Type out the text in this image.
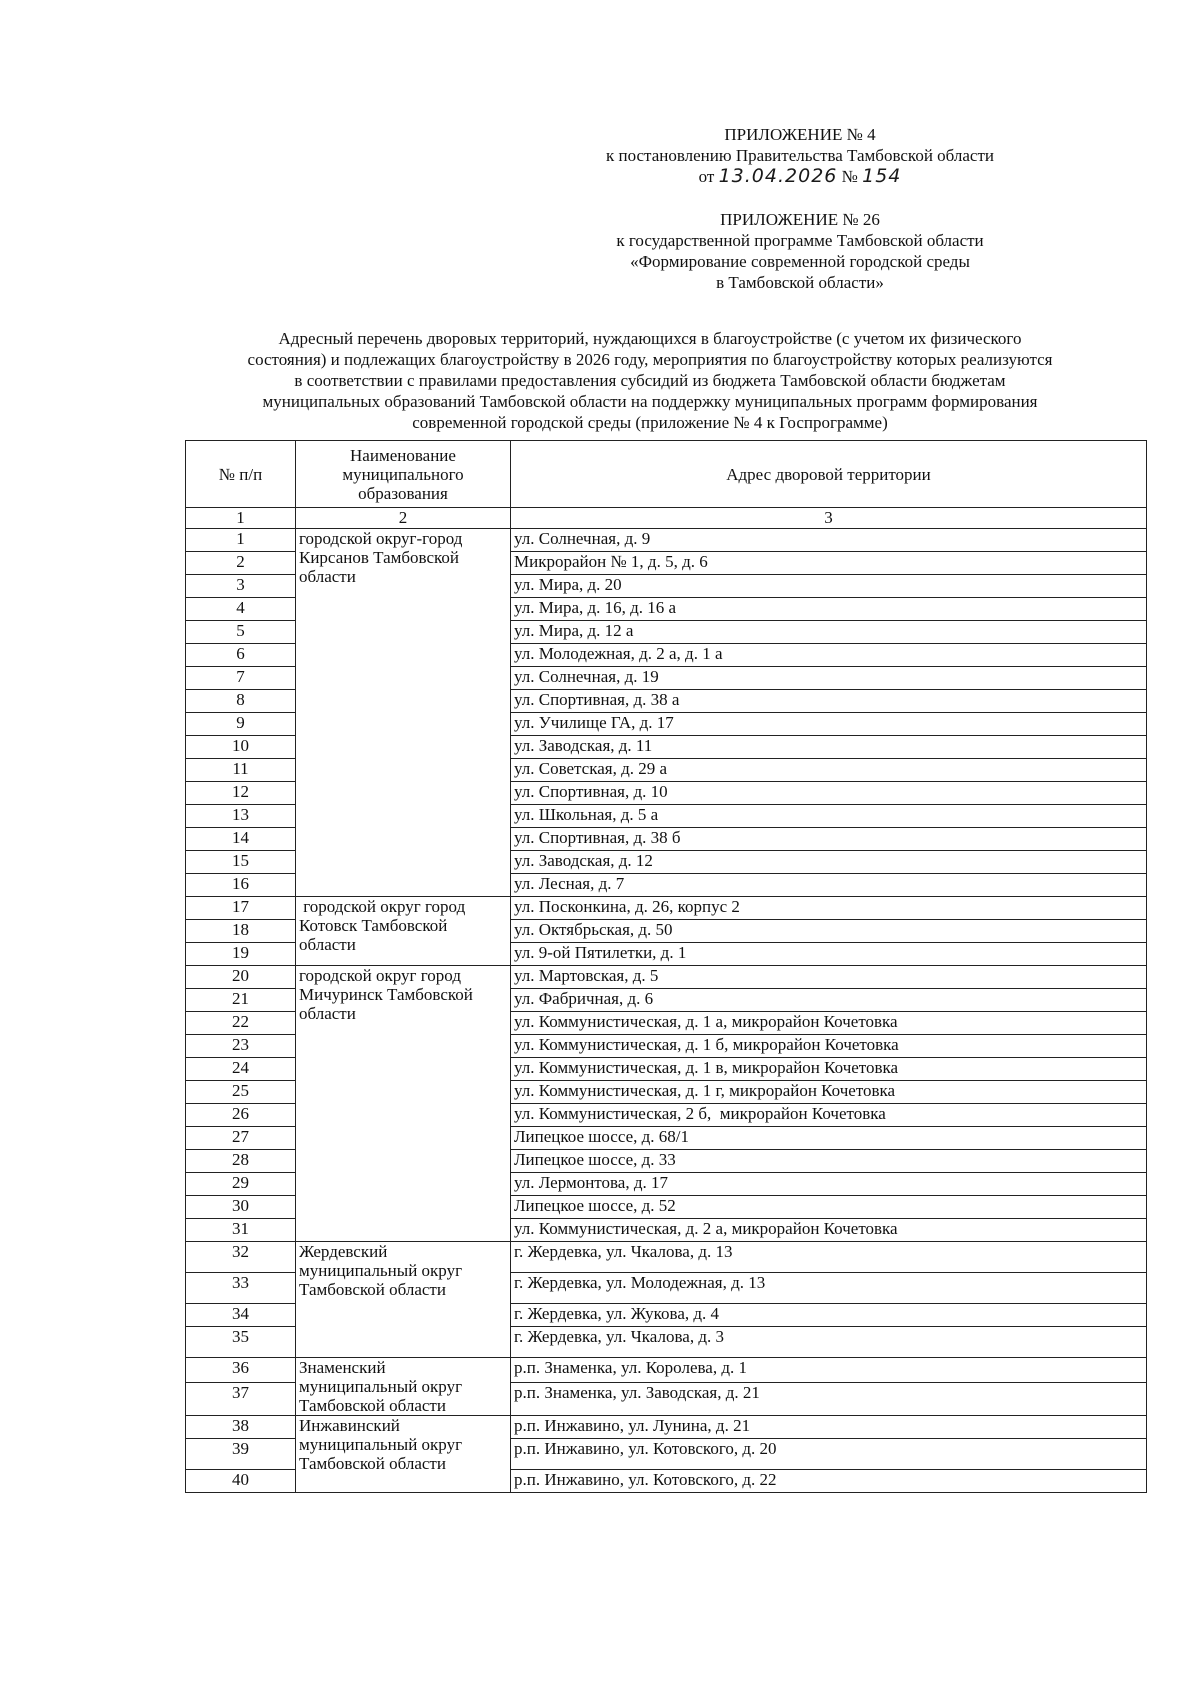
ПРИЛОЖЕНИЕ № 4
к постановлению Правительства Тамбовской области
от 13.04.2026 № 154
ПРИЛОЖЕНИЕ № 26
к государственной программе Тамбовской области
«Формирование современной городской среды
в Тамбовской области»
Адресный перечень дворовых территорий, нуждающихся в благоустройстве (с учетом их физического
состояния) и подлежащих благоустройству в 2026 году, мероприятия по благоустройству которых реализуются
в соответствии с правилами предоставления субсидий из бюджета Тамбовской области бюджетам
муниципальных образований Тамбовской области на поддержку муниципальных программ формирования
современной городской среды (приложение № 4 к Госпрограмме)
№ п/п	Наименование
муниципального
образования	Адрес дворовой территории
1	2	3
1	городской округ-город
Кирсанов Тамбовской
области	ул. Солнечная, д. 9
2		Микрорайон № 1, д. 5, д. 6
3		ул. Мира, д. 20
4		ул. Мира, д. 16, д. 16 а
5		ул. Мира, д. 12 а
6		ул. Молодежная, д. 2 а, д. 1 а
7		ул. Солнечная, д. 19
8		ул. Спортивная, д. 38 а
9		ул. Училище ГА, д. 17
10		ул. Заводская, д. 11
11		ул. Советская, д. 29 а
12		ул. Спортивная, д. 10
13		ул. Школьная, д. 5 а
14		ул. Спортивная, д. 38 б
15		ул. Заводская, д. 12
16		ул. Лесная, д. 7
17	городской округ город
Котовск Тамбовской
области	ул. Посконкина, д. 26, корпус 2
18		ул. Октябрьская, д. 50
19		ул. 9-ой Пятилетки, д. 1
20	городской округ город
Мичуринск Тамбовской
области	ул. Мартовская, д. 5
21		ул. Фабричная, д. 6
22		ул. Коммунистическая, д. 1 а, микрорайон Кочетовка
23		ул. Коммунистическая, д. 1 б, микрорайон Кочетовка
24		ул. Коммунистическая, д. 1 в, микрорайон Кочетовка
25		ул. Коммунистическая, д. 1 г, микрорайон Кочетовка
26		ул. Коммунистическая, 2 б,  микрорайон Кочетовка
27		Липецкое шоссе, д. 68/1
28		Липецкое шоссе, д. 33
29		ул. Лермонтова, д. 17
30		Липецкое шоссе, д. 52
31		ул. Коммунистическая, д. 2 а, микрорайон Кочетовка
32	Жердевский
муниципальный округ
Тамбовской области	г. Жердевка, ул. Чкалова, д. 13
33		г. Жердевка, ул. Молодежная, д. 13
34		г. Жердевка, ул. Жукова, д. 4
35		г. Жердевка, ул. Чкалова, д. 3
36	Знаменский
муниципальный округ
Тамбовской области	р.п. Знаменка, ул. Королева, д. 1
37		р.п. Знаменка, ул. Заводская, д. 21
38	Инжавинский
муниципальный округ
Тамбовской области	р.п. Инжавино, ул. Лунина, д. 21
39		р.п. Инжавино, ул. Котовского, д. 20
40		р.п. Инжавино, ул. Котовского, д. 22
